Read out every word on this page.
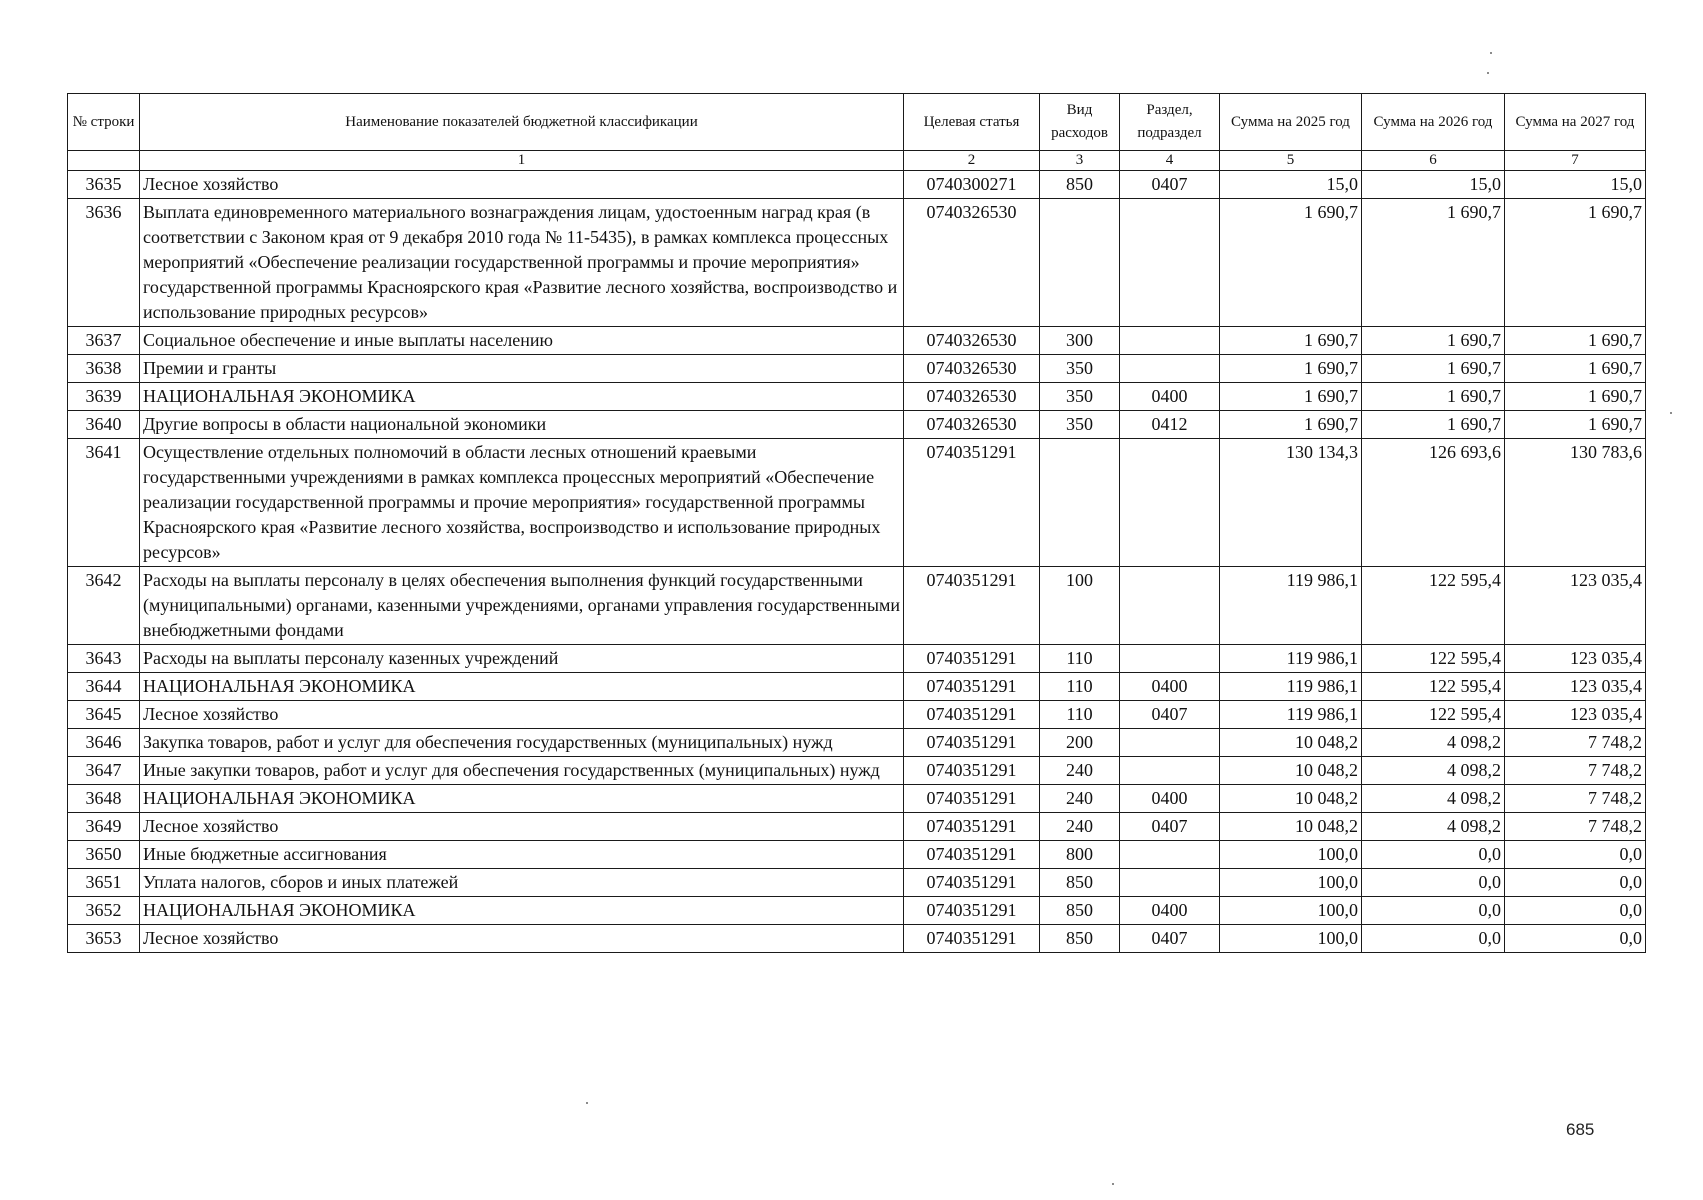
№ строки	Наименование показателей бюджетной классификации	Целевая статья	Вид расходов	Раздел, подраздел	Сумма на 2025 год	Сумма на 2026 год	Сумма на 2027 год
	1	2	3	4	5	6	7
3635	Лесное хозяйство	0740300271	850	0407	15,0	15,0	15,0
3636	Выплата единовременного материального вознаграждения лицам, удостоенным наград края (в соответствии с Законом края от 9 декабря 2010 года № 11-5435), в рамках комплекса процессных мероприятий «Обеспечение реализации государственной программы и прочие мероприятия» государственной программы Красноярского края «Развитие лесного хозяйства, воспроизводство и использование природных ресурсов»	0740326530			1 690,7	1 690,7	1 690,7
3637	Социальное обеспечение и иные выплаты населению	0740326530	300		1 690,7	1 690,7	1 690,7
3638	Премии и гранты	0740326530	350		1 690,7	1 690,7	1 690,7
3639	НАЦИОНАЛЬНАЯ ЭКОНОМИКА	0740326530	350	0400	1 690,7	1 690,7	1 690,7
3640	Другие вопросы в области национальной экономики	0740326530	350	0412	1 690,7	1 690,7	1 690,7
3641	Осуществление отдельных полномочий в области лесных отношений краевыми государственными учреждениями в рамках комплекса процессных мероприятий «Обеспечение реализации государственной программы и прочие мероприятия» государственной программы Красноярского края «Развитие лесного хозяйства, воспроизводство и использование природных ресурсов»	0740351291			130 134,3	126 693,6	130 783,6
3642	Расходы на выплаты персоналу в целях обеспечения выполнения функций государственными (муниципальными) органами, казенными учреждениями, органами управления государственными внебюджетными фондами	0740351291	100		119 986,1	122 595,4	123 035,4
3643	Расходы на выплаты персоналу казенных учреждений	0740351291	110		119 986,1	122 595,4	123 035,4
3644	НАЦИОНАЛЬНАЯ ЭКОНОМИКА	0740351291	110	0400	119 986,1	122 595,4	123 035,4
3645	Лесное хозяйство	0740351291	110	0407	119 986,1	122 595,4	123 035,4
3646	Закупка товаров, работ и услуг для обеспечения государственных (муниципальных) нужд	0740351291	200		10 048,2	4 098,2	7 748,2
3647	Иные закупки товаров, работ и услуг для обеспечения государственных (муниципальных) нужд	0740351291	240		10 048,2	4 098,2	7 748,2
3648	НАЦИОНАЛЬНАЯ ЭКОНОМИКА	0740351291	240	0400	10 048,2	4 098,2	7 748,2
3649	Лесное хозяйство	0740351291	240	0407	10 048,2	4 098,2	7 748,2
3650	Иные бюджетные ассигнования	0740351291	800		100,0	0,0	0,0
3651	Уплата налогов, сборов и иных платежей	0740351291	850		100,0	0,0	0,0
3652	НАЦИОНАЛЬНАЯ ЭКОНОМИКА	0740351291	850	0400	100,0	0,0	0,0
3653	Лесное хозяйство	0740351291	850	0407	100,0	0,0	0,0
685
